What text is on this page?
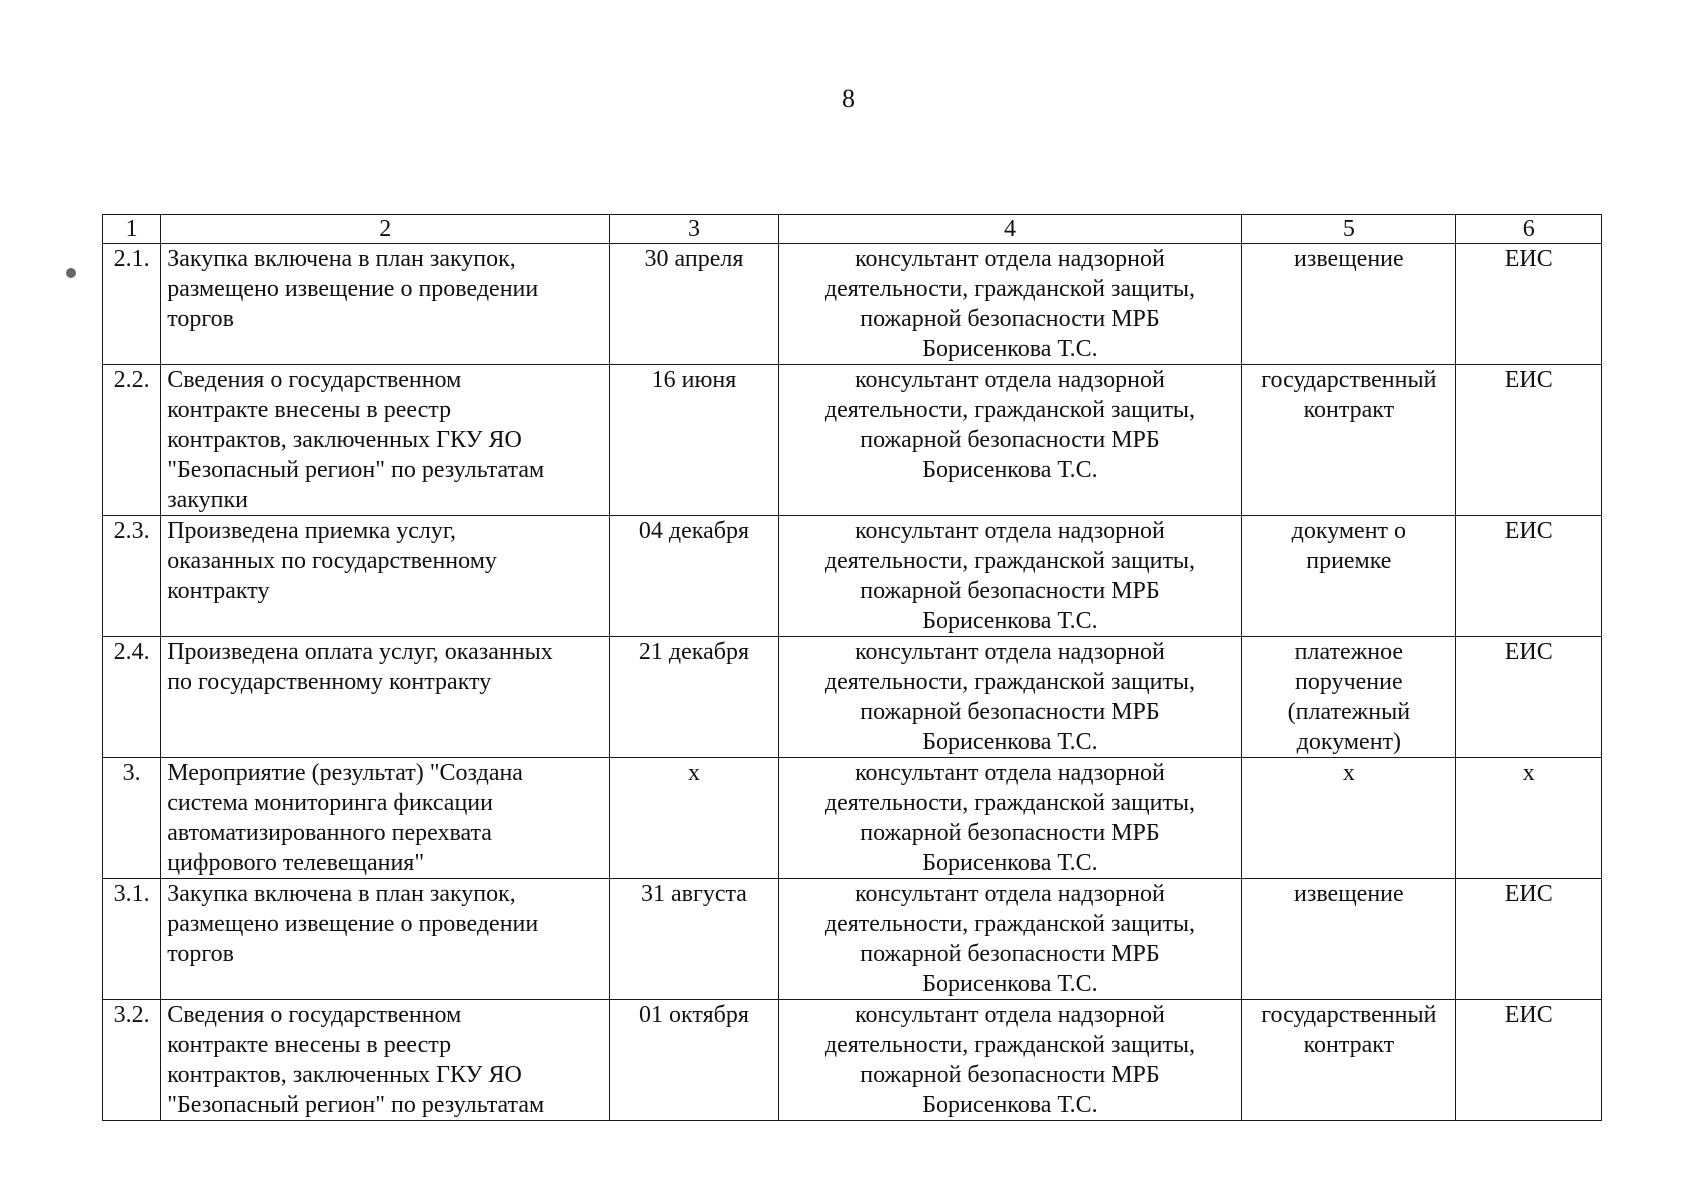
8
1	2	3	4	5	6
2.1.	Закупка включена в план закупок,
размещено извещение о проведении
торгов	30 апреля	консультант отдела надзорной
деятельности, гражданской защиты,
пожарной безопасности МРБ
Борисенкова Т.С.	извещение	ЕИС
2.2.	Сведения о государственном
контракте внесены в реестр
контрактов, заключенных ГКУ ЯО
"Безопасный регион" по результатам
закупки	16 июня	консультант отдела надзорной
деятельности, гражданской защиты,
пожарной безопасности МРБ
Борисенкова Т.С.	государственный
контракт	ЕИС
2.3.	Произведена приемка услуг,
оказанных по государственному
контракту	04 декабря	консультант отдела надзорной
деятельности, гражданской защиты,
пожарной безопасности МРБ
Борисенкова Т.С.	документ о
приемке	ЕИС
2.4.	Произведена оплата услуг, оказанных
по государственному контракту	21 декабря	консультант отдела надзорной
деятельности, гражданской защиты,
пожарной безопасности МРБ
Борисенкова Т.С.	платежное
поручение
(платежный
документ)	ЕИС
3.	Мероприятие (результат) "Создана
система мониторинга фиксации
автоматизированного перехвата
цифрового телевещания"	x	консультант отдела надзорной
деятельности, гражданской защиты,
пожарной безопасности МРБ
Борисенкова Т.С.	x	x
3.1.	Закупка включена в план закупок,
размещено извещение о проведении
торгов	31 августа	консультант отдела надзорной
деятельности, гражданской защиты,
пожарной безопасности МРБ
Борисенкова Т.С.	извещение	ЕИС
3.2.	Сведения о государственном
контракте внесены в реестр
контрактов, заключенных ГКУ ЯО
"Безопасный регион" по результатам	01 октября	консультант отдела надзорной
деятельности, гражданской защиты,
пожарной безопасности МРБ
Борисенкова Т.С.	государственный
контракт	ЕИС
